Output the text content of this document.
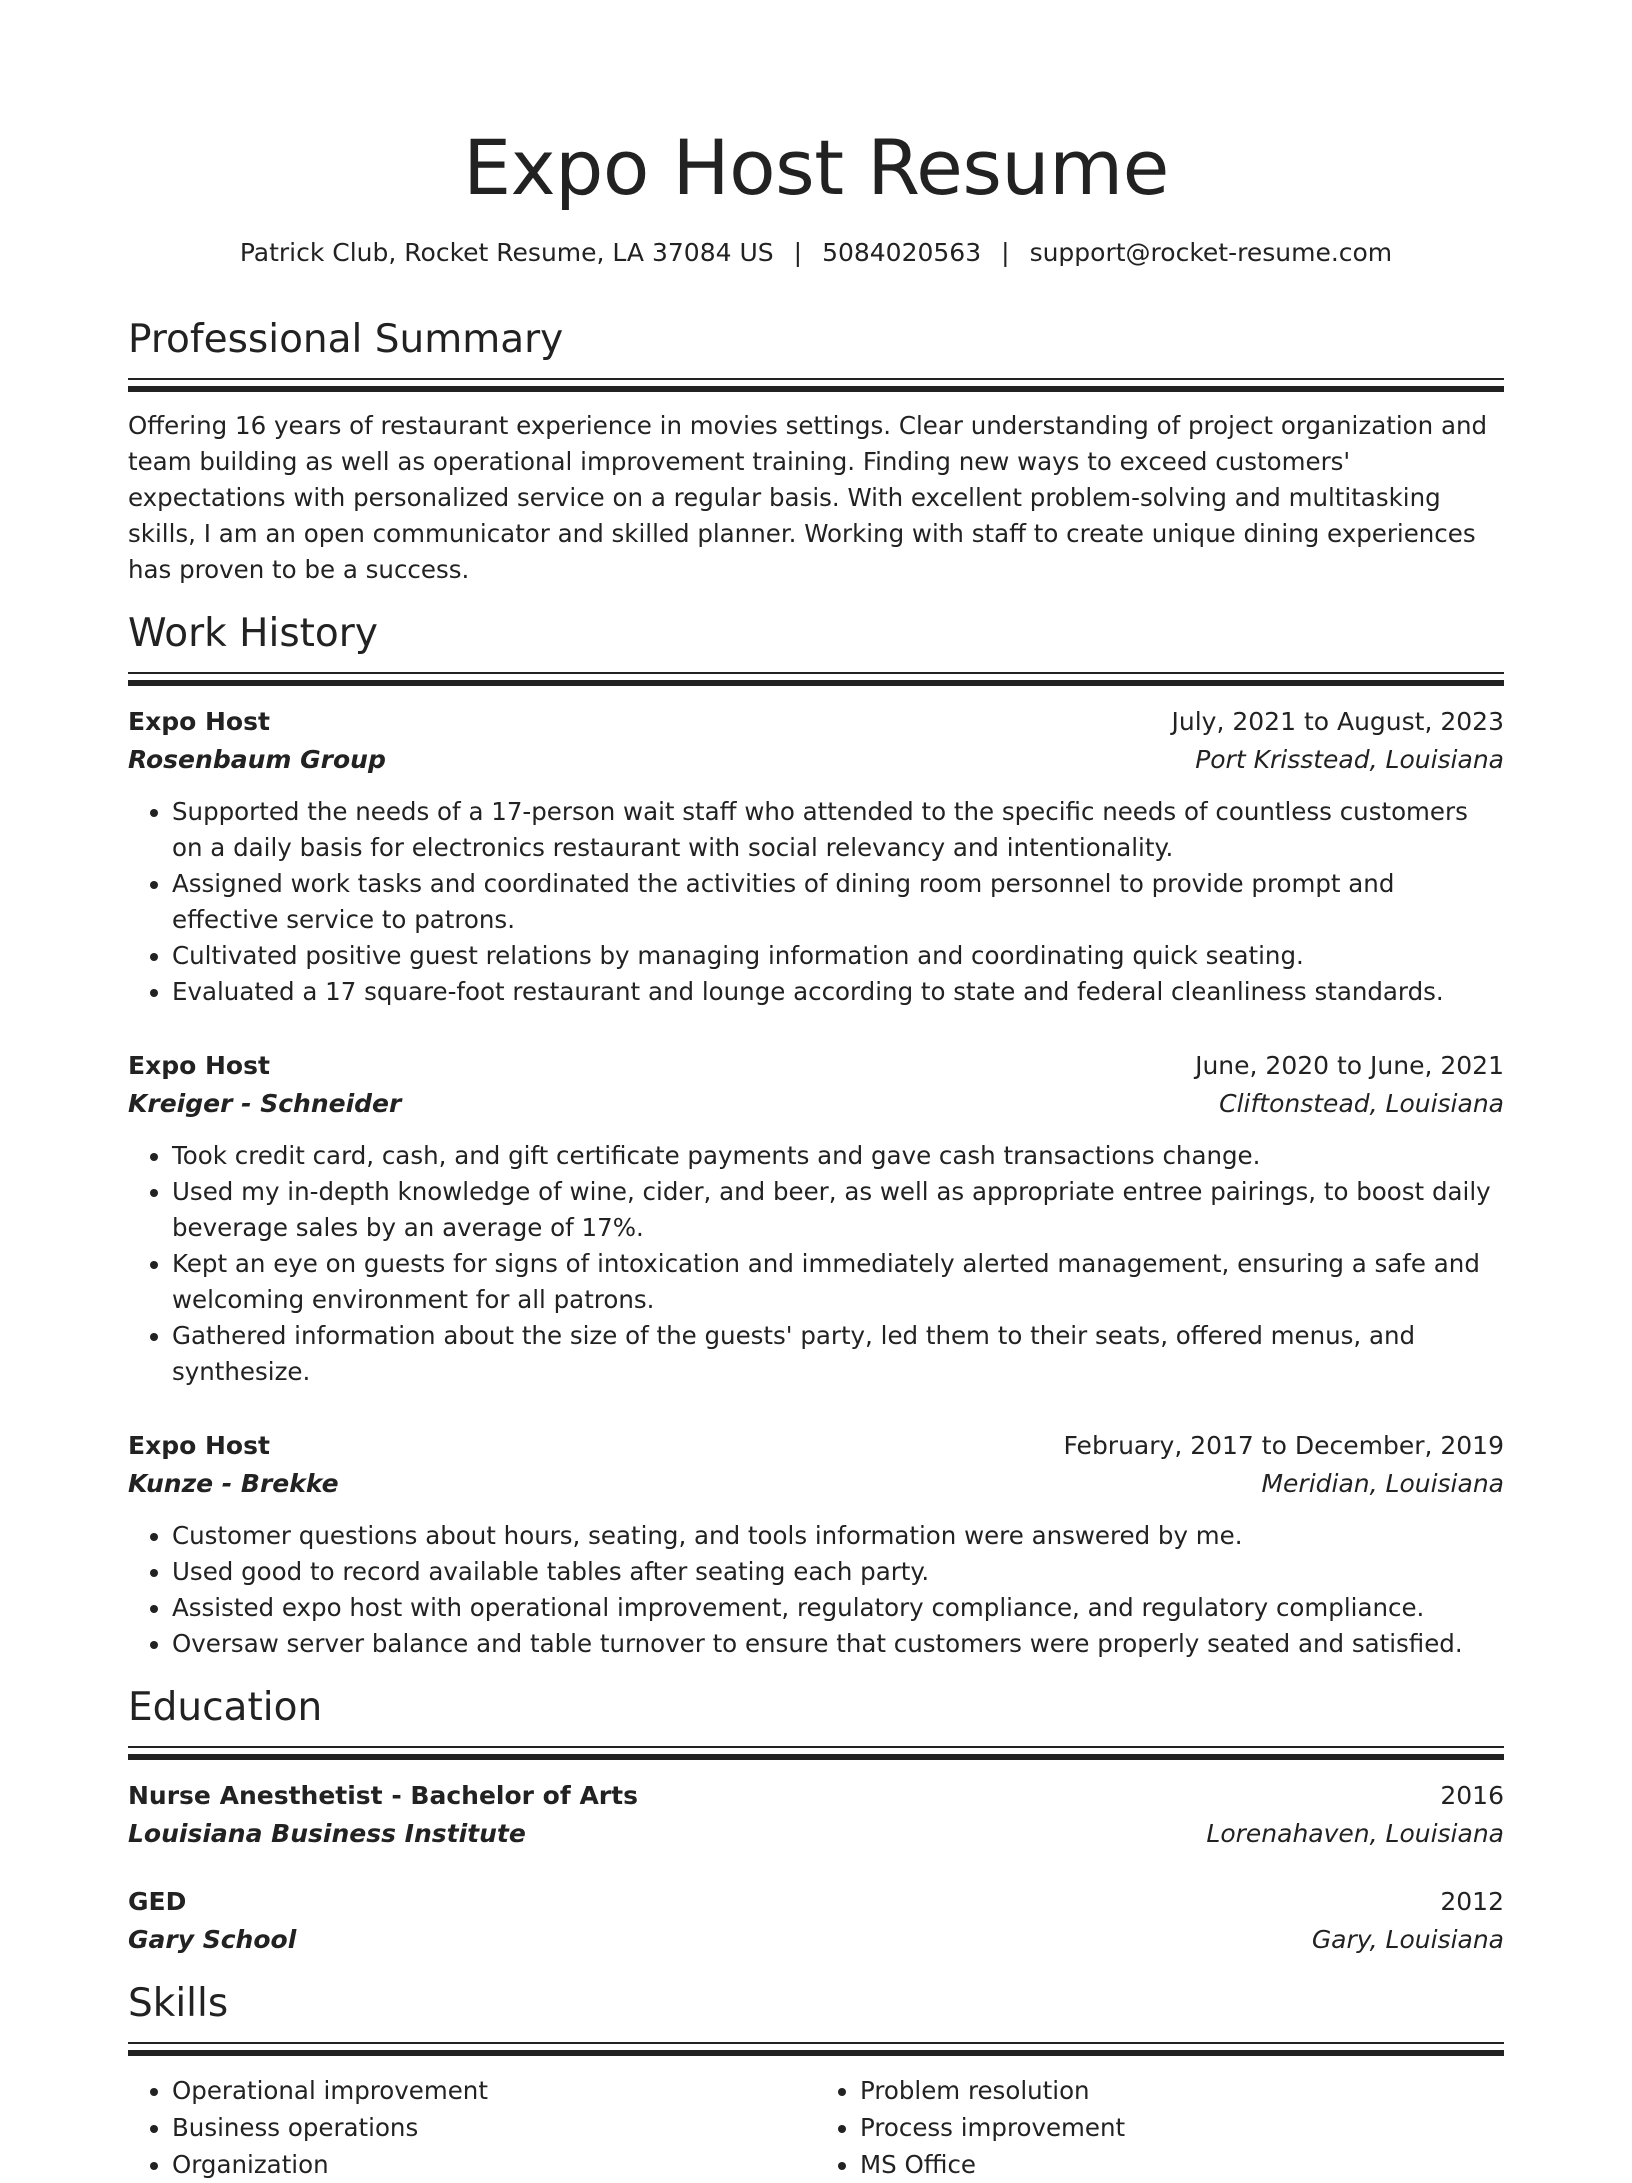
Expo Host Resume
Patrick Club, Rocket Resume, LA 37084 US | 5084020563 | support@rocket-resume.com
Professional Summary
Offering 16 years of restaurant experience in movies settings. Clear understanding of project organization and team building as well as operational improvement training. Finding new ways to exceed customers' expectations with personalized service on a regular basis. With excellent problem-solving and multitasking skills, I am an open communicator and skilled planner. Working with staff to create unique dining experiences has proven to be a success.
Work History
Expo Host	July, 2021 to August, 2023
Rosenbaum Group	Port Krisstead, Louisiana
• Supported the needs of a 17-person wait staff who attended to the specific needs of countless customers on a daily basis for electronics restaurant with social relevancy and intentionality.
• Assigned work tasks and coordinated the activities of dining room personnel to provide prompt and effective service to patrons.
• Cultivated positive guest relations by managing information and coordinating quick seating.
• Evaluated a 17 square-foot restaurant and lounge according to state and federal cleanliness standards.
Expo Host	June, 2020 to June, 2021
Kreiger - Schneider	Cliftonstead, Louisiana
• Took credit card, cash, and gift certificate payments and gave cash transactions change.
• Used my in-depth knowledge of wine, cider, and beer, as well as appropriate entree pairings, to boost daily beverage sales by an average of 17%.
• Kept an eye on guests for signs of intoxication and immediately alerted management, ensuring a safe and welcoming environment for all patrons.
• Gathered information about the size of the guests' party, led them to their seats, offered menus, and synthesize.
Expo Host	February, 2017 to December, 2019
Kunze - Brekke	Meridian, Louisiana
• Customer questions about hours, seating, and tools information were answered by me.
• Used good to record available tables after seating each party.
• Assisted expo host with operational improvement, regulatory compliance, and regulatory compliance.
• Oversaw server balance and table turnover to ensure that customers were properly seated and satisfied.
Education
Nurse Anesthetist - Bachelor of Arts	2016
Louisiana Business Institute	Lorenahaven, Louisiana
GED	2012
Gary School	Gary, Louisiana
Skills
• Operational improvement
• Business operations
• Organization
• Problem resolution
• Process improvement
• MS Office
